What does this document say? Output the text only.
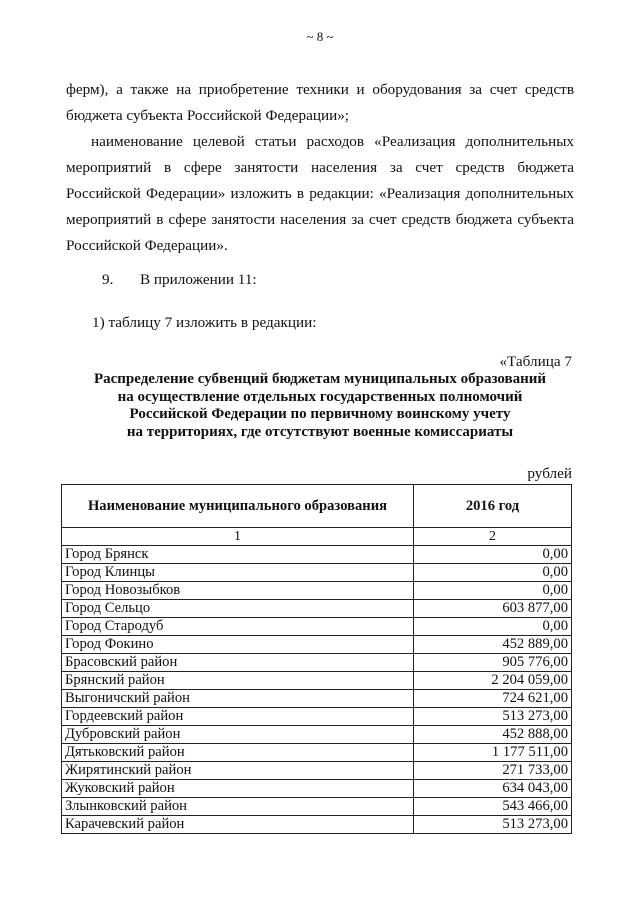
~ 8 ~

ферм), а также на приобретение техники и оборудования за счет средств
бюджета субъекта Российской Федерации»;

наименование целевой статьи расходов «Реализация дополнительных
мероприятий в сфере занятости населения за счет средств бюджета
Российской Федерации» изложить в редакции: «Реализация дополнительных
мероприятий в сфере занятости населения за счет средств бюджета субъекта
Российской Федерации».

9. В приложении 11:
1) таблицу 7 изложить в редакции:
«Таблица 7
Распределение субвенций бюджетам муниципальных образований
на осуществление отдельных государственных полномочий
Российской Федерации по первичному воинскому учету
на территориях, где отсутствуют военные комиссариаты
рублей
Наименование муниципального образования	2016 год
1	2
Город Брянск	0,00
Город Клинцы	0,00
Город Новозыбков	0,00
Город Сельцо	603 877,00
Город Стародуб	0,00
Город Фокино	452 889,00
Брасовский район	905 776,00
Брянский район	2 204 059,00
Выгоничский район	724 621,00
Гордеевский район	513 273,00
Дубровский район	452 888,00
Дятьковский район	1 177 511,00
Жирятинский район	271 733,00
Жуковский район	634 043,00
Злынковский район	543 466,00
Карачевский район	513 273,00
